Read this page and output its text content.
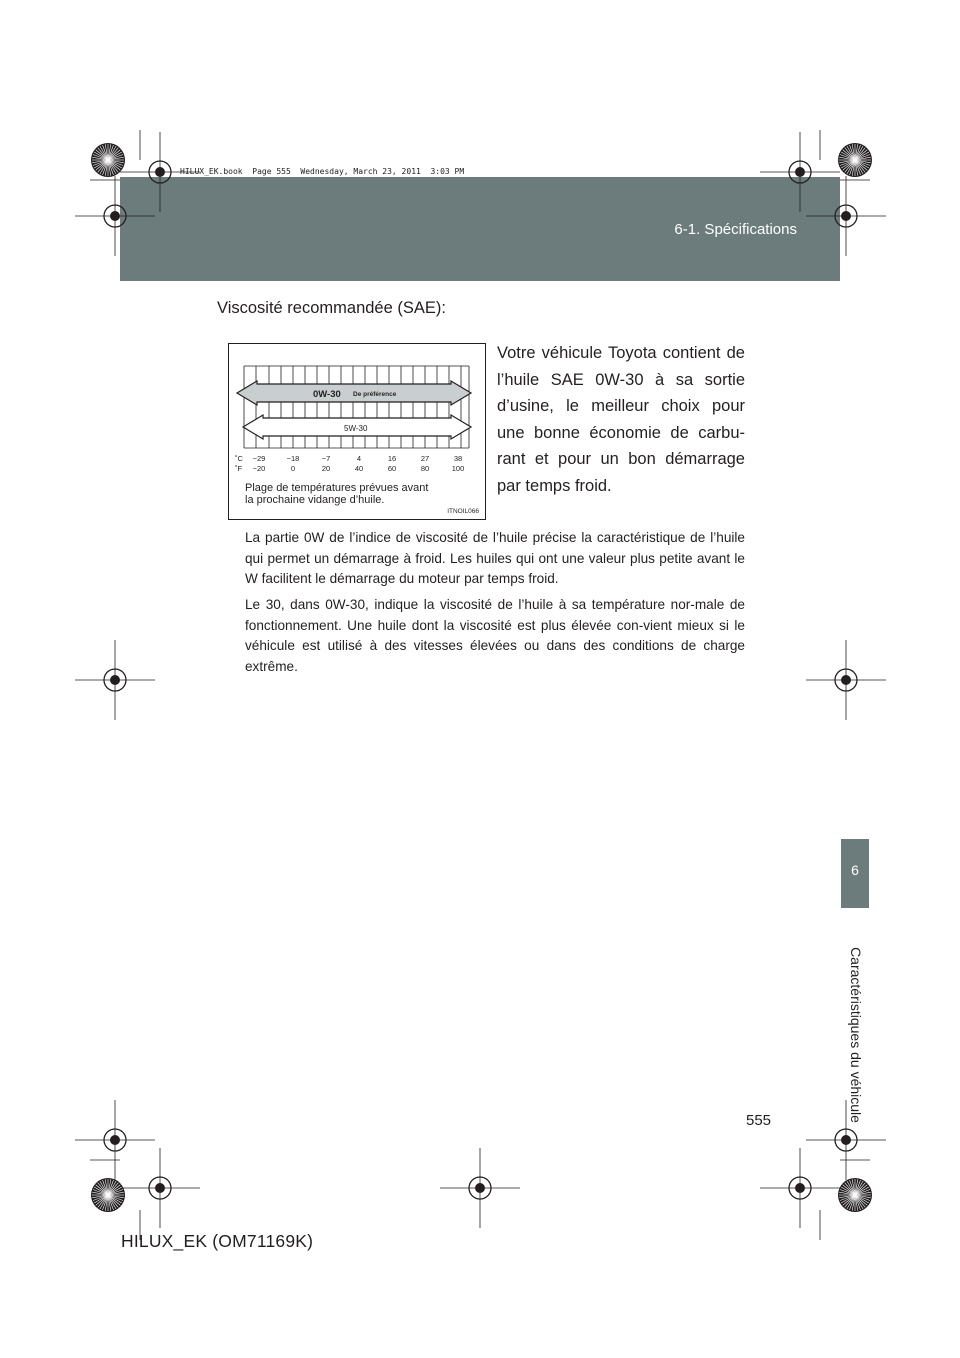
6-1. Spécifications
HILUX_EK.book  Page 555  Wednesday, March 23, 2011  3:03 PM
6
Caractéristiques du véhicule
Viscosité recommandée (SAE):
Votre véhicule Toyota contient de l’huile SAE 0W-30 à sa sortie d’usine, le meilleur choix pour une bonne économie de carbu-rant et pour un bon démarrage par temps froid.
La partie 0W de l’indice de viscosité de l’huile précise la caractéristique de l’huile qui permet un démarrage à froid. Les huiles qui ont une valeur plus petite avant le W facilitent le démarrage du moteur par temps froid.
Le 30, dans 0W-30, indique la viscosité de l’huile à sa température nor-male de fonctionnement. Une huile dont la viscosité est plus élevée con-vient mieux si le véhicule est utilisé à des vitesses élevées ou dans des conditions de charge extrême.
0W-30 De préférence
5W-30
˚C
˚F
−29	−18	−7	4	16	27	38
−20	0	20	40	60	80	100
Plage de températures prévues avant
la prochaine vidange d’huile.
ITNOIL066
555
HILUX_EK (OM71169K)
